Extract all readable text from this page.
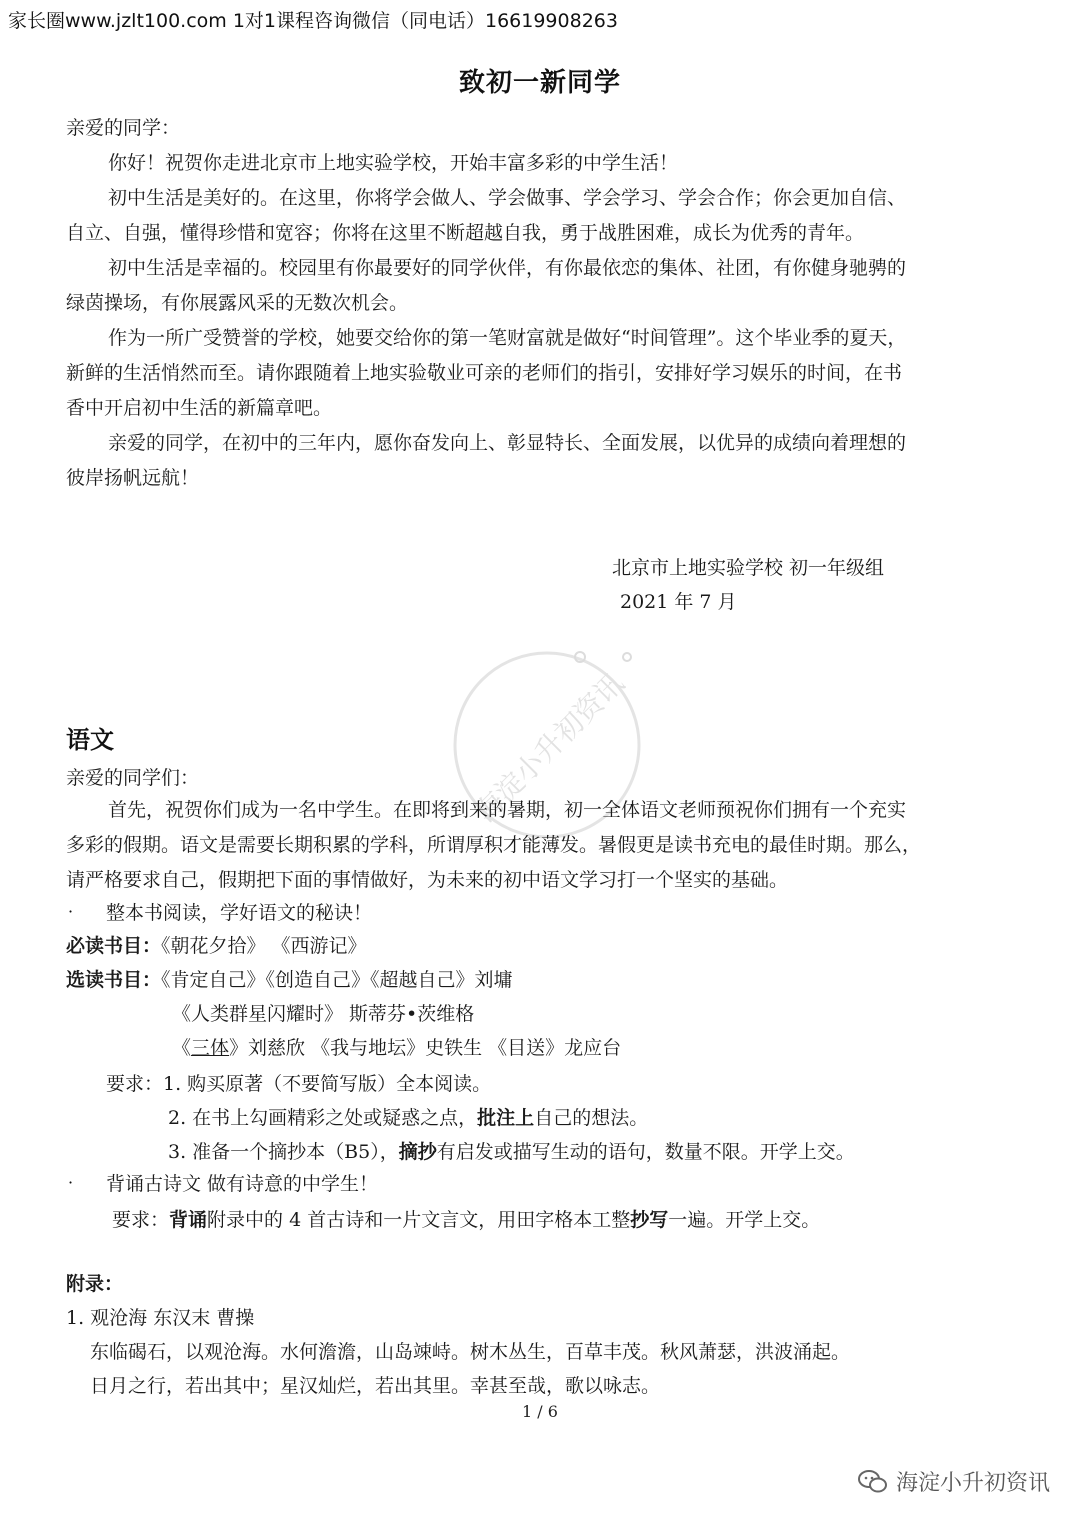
家长圈www.jzlt100.com 1对1课程咨询微信（同电话）16619908263
致初一新同学
亲爱的同学：
你好！祝贺你走进北京市上地实验学校，开始丰富多彩的中学生活！
初中生活是美好的。在这里，你将学会做人、学会做事、学会学习、学会合作；你会更加自信、
自立、自强，懂得珍惜和宽容；你将在这里不断超越自我，勇于战胜困难，成长为优秀的青年。
初中生活是幸福的。校园里有你最要好的同学伙伴，有你最依恋的集体、社团，有你健身驰骋的
绿茵操场，有你展露风采的无数次机会。
作为一所广受赞誉的学校，她要交给你的第一笔财富就是做好“时间管理”。这个毕业季的夏天，
新鲜的生活悄然而至。请你跟随着上地实验敬业可亲的老师们的指引，安排好学习娱乐的时间，在书
香中开启初中生活的新篇章吧。
亲爱的同学，在初中的三年内，愿你奋发向上、彰显特长、全面发展，以优异的成绩向着理想的
彼岸扬帆远航！
北京市上地实验学校 初一年级组
2021 年 7 月
海淀小升初资讯
语文
亲爱的同学们：
首先，祝贺你们成为一名中学生。在即将到来的暑期，初一全体语文老师预祝你们拥有一个充实
多彩的假期。语文是需要长期积累的学科，所谓厚积才能薄发。暑假更是读书充电的最佳时期。那么，
请严格要求自己，假期把下面的事情做好，为未来的初中语文学习打一个坚实的基础。
· 整本书阅读，学好语文的秘诀！
必读书目：《朝花夕拾》 《西游记》
选读书目：《肯定自己》《创造自己》《超越自己》刘墉
《人类群星闪耀时》 斯蒂芬•茨维格
《三体》刘慈欣 《我与地坛》史铁生 《目送》龙应台
要求：1. 购买原著（不要简写版）全本阅读。
2. 在书上勾画精彩之处或疑惑之点，批注上自己的想法。
3. 准备一个摘抄本（B5），摘抄有启发或描写生动的语句，数量不限。开学上交。
· 背诵古诗文 做有诗意的中学生！
要求：背诵附录中的 4 首古诗和一片文言文，用田字格本工整抄写一遍。开学上交。
附录：
1. 观沧海 东汉末 曹操
东临碣石，以观沧海。水何澹澹，山岛竦峙。树木丛生，百草丰茂。秋风萧瑟，洪波涌起。
日月之行，若出其中；星汉灿烂，若出其里。幸甚至哉，歌以咏志。
1 / 6
海淀小升初资讯
